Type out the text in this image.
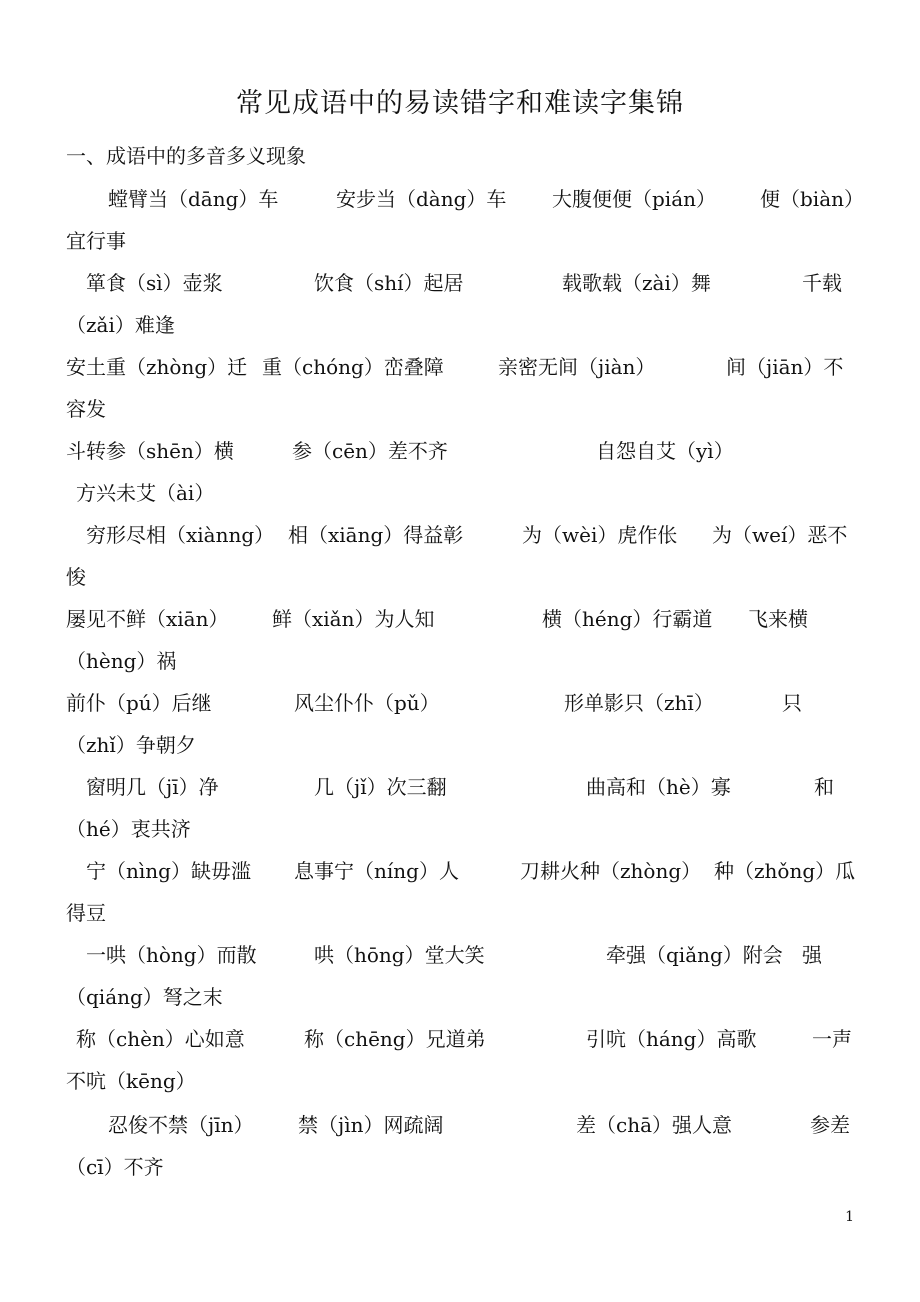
常见成语中的易读错字和难读字集锦
一、成语中的多音多义现象
螳臂当（dāng）车	安步当（dàng）车 大腹便便（pián） 便（biàn）
宜行事
箪食（sì）壶浆	饮食（shí）起居	载歌载（zài）舞	千载
（zǎi）难逢
安土重（zhòng）迁 重（chóng）峦叠障	亲密无间（jiàn）	间（jiān）不
容发
斗转参（shēn）横	参（cēn）差不齐	自怨自艾（yì）
方兴未艾（ài）
穷形尽相（xiànng） 相（xiāng）得益彰	为（wèi）虎作伥 为（weí）恶不
悛
屡见不鲜（xiān） 鲜（xiǎn）为人知	横（héng）行霸道 飞来横
（hèng）祸
前仆（pú）后继	风尘仆仆（pǔ）	形单影只（zhī）	只
（zhǐ）争朝夕
窗明几（jī）净	几（jǐ）次三翻	曲高和（hè）寡	和
（hé）衷共济
宁（nìng）缺毋滥 息事宁（níng）人	刀耕火种（zhòng） 种（zhǒng）瓜
得豆
一哄（hòng）而散	哄（hōng）堂大笑	牵强（qiǎng）附会 强
（qiáng）弩之末
称（chèn）心如意	称（chēng）兄道弟	引吭（háng）高歌	一声
不吭（kēng）
忍俊不禁（jīn） 禁（jìn）网疏阔	差（chā）强人意	参差
（cī）不齐
1
